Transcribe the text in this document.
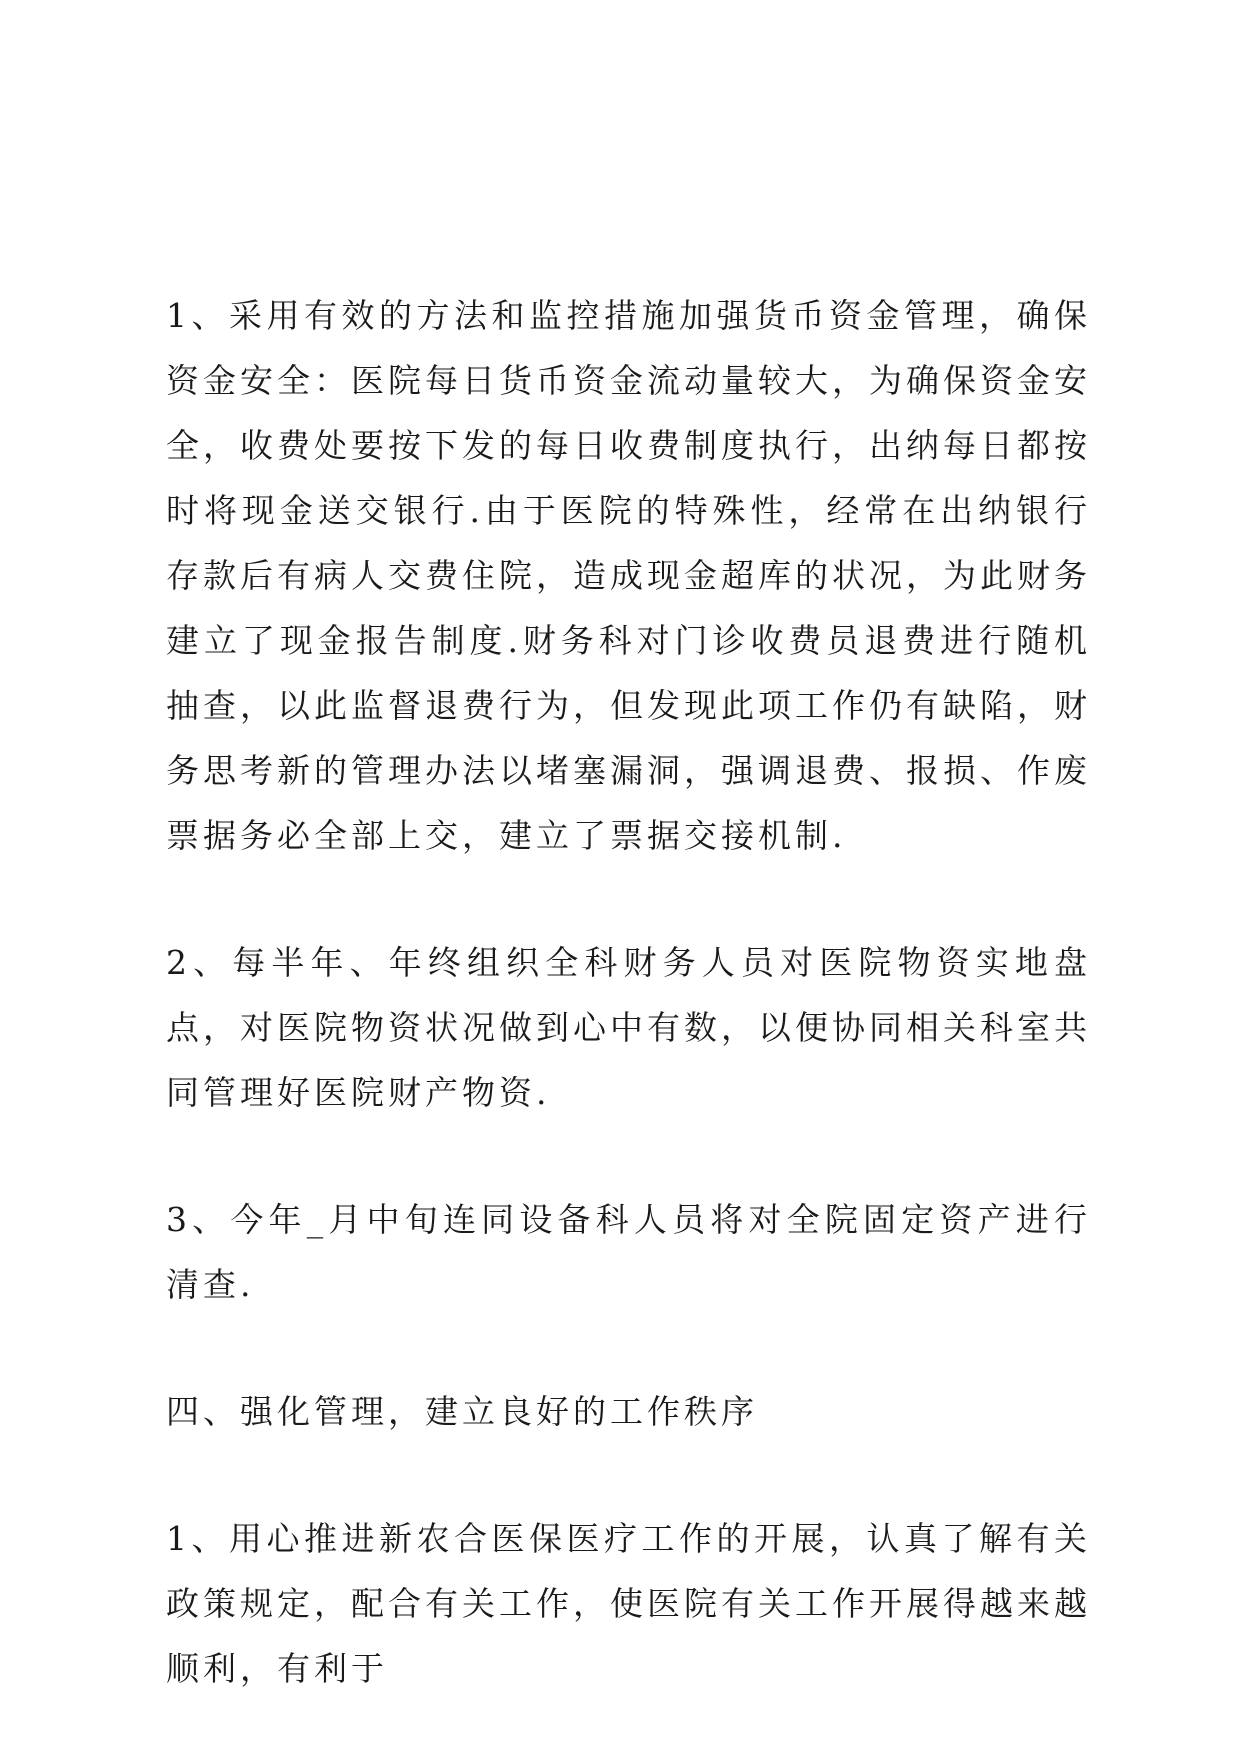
1、采用有效的方法和监控措施加强货币资金管理，确保资金安全：医院每日货币资金流动量较大，为确保资金安全，收费处要按下发的每日收费制度执行，出纳每日都按时将现金送交银行.由于医院的特殊性，经常在出纳银行存款后有病人交费住院，造成现金超库的状况，为此财务建立了现金报告制度.财务科对门诊收费员退费进行随机抽查，以此监督退费行为，但发现此项工作仍有缺陷，财务思考新的管理办法以堵塞漏洞，强调退费、报损、作废票据务必全部上交，建立了票据交接机制.

2、每半年、年终组织全科财务人员对医院物资实地盘点，对医院物资状况做到心中有数，以便协同相关科室共同管理好医院财产物资.

3、今年_月中旬连同设备科人员将对全院固定资产进行清查.

四、强化管理，建立良好的工作秩序

1、用心推进新农合医保医疗工作的开展，认真了解有关政策规定，配合有关工作，使医院有关工作开展得越来越顺利，有利于
